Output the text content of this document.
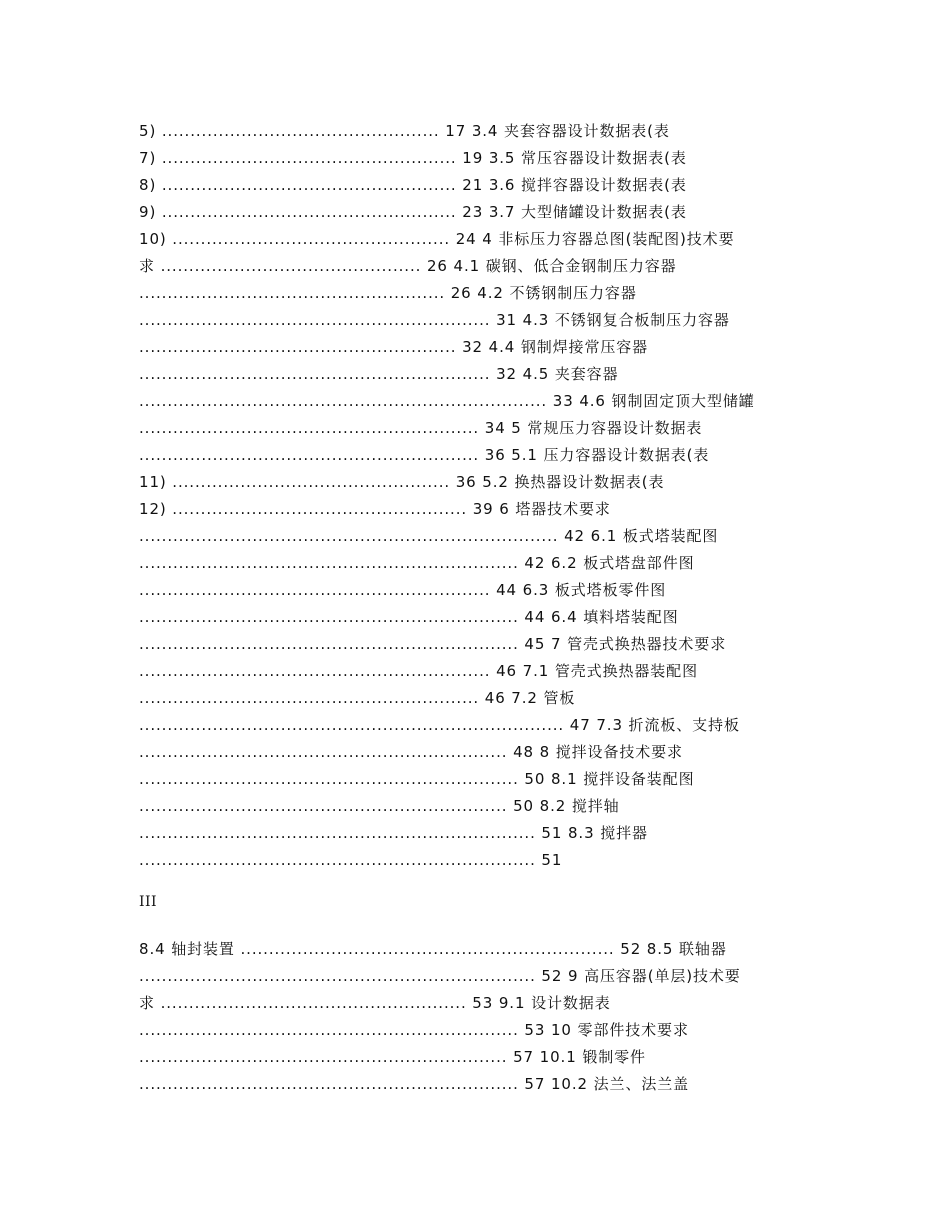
5) ................................................. 17 3.4 夹套容器设计数据表(表
7) .................................................... 19 3.5 常压容器设计数据表(表
8) .................................................... 21 3.6 搅拌容器设计数据表(表
9) .................................................... 23 3.7 大型储罐设计数据表(表
10) ................................................. 24 4 非标压力容器总图(装配图)技术要
求 .............................................. 26 4.1 碳钢、低合金钢制压力容器
...................................................... 26 4.2 不锈钢制压力容器
.............................................................. 31 4.3 不锈钢复合板制压力容器
........................................................ 32 4.4 钢制焊接常压容器
.............................................................. 32 4.5 夹套容器
........................................................................ 33 4.6 钢制固定顶大型储罐
............................................................ 34 5 常规压力容器设计数据表
............................................................ 36 5.1 压力容器设计数据表(表
11) ................................................. 36 5.2 换热器设计数据表(表
12) .................................................... 39 6 塔器技术要求
.......................................................................... 42 6.1 板式塔装配图
................................................................... 42 6.2 板式塔盘部件图
.............................................................. 44 6.3 板式塔板零件图
................................................................... 44 6.4 填料塔装配图
................................................................... 45 7 管壳式换热器技术要求
.............................................................. 46 7.1 管壳式换热器装配图
............................................................ 46 7.2 管板
........................................................................... 47 7.3 折流板、支持板
................................................................. 48 8 搅拌设备技术要求
................................................................... 50 8.1 搅拌设备装配图
................................................................. 50 8.2 搅拌轴
...................................................................... 51 8.3 搅拌器
...................................................................... 51
III
8.4 轴封装置 .................................................................. 52 8.5 联轴器
...................................................................... 52 9 高压容器(单层)技术要
求 ...................................................... 53 9.1 设计数据表
................................................................... 53 10 零部件技术要求
................................................................. 57 10.1 锻制零件
................................................................... 57 10.2 法兰、法兰盖
